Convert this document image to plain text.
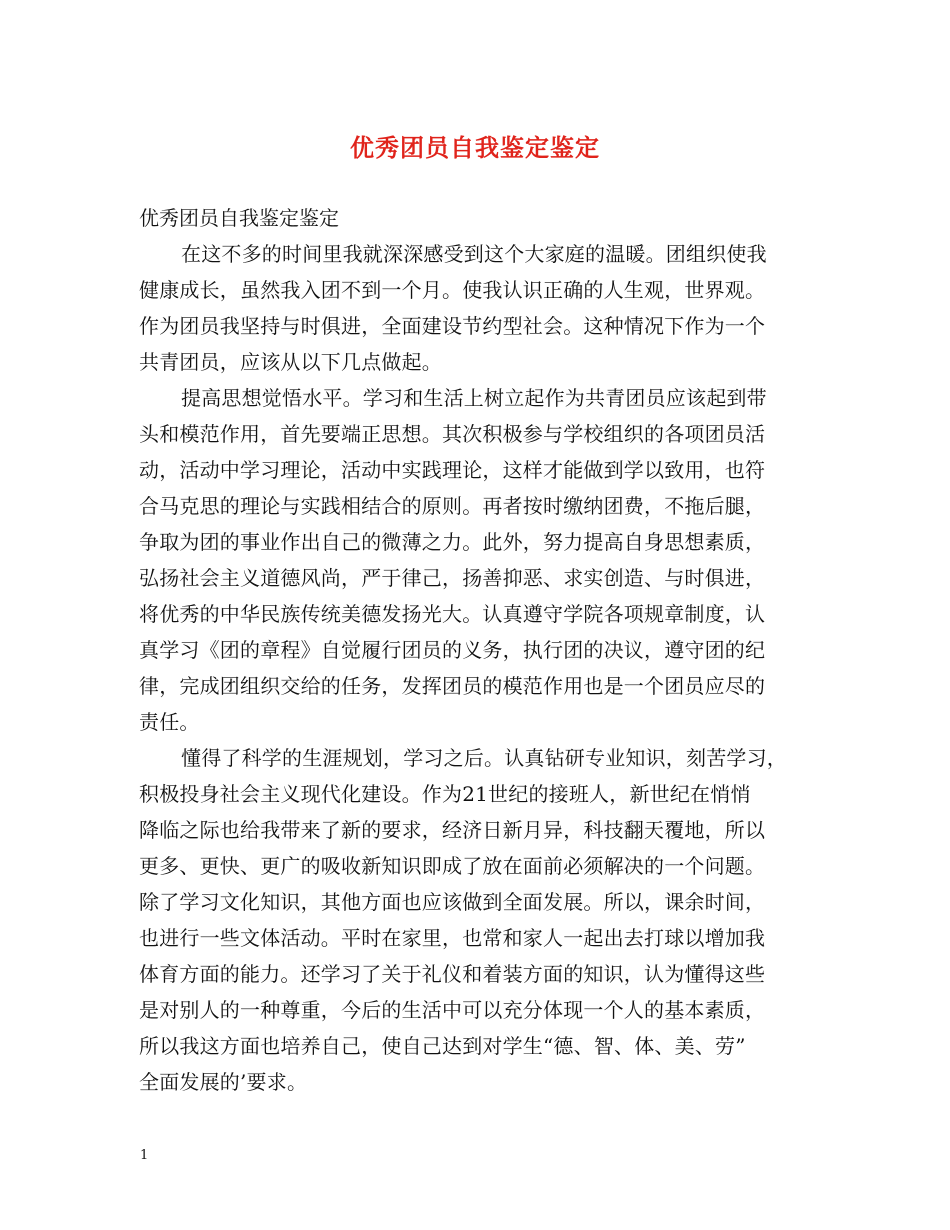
优秀团员自我鉴定鉴定

优秀团员自我鉴定鉴定

在这不多的时间里我就深深感受到这个大家庭的温暖。团组织使我
健康成长，虽然我入团不到一个月。使我认识正确的人生观，世界观。
作为团员我坚持与时俱进，全面建设节约型社会。这种情况下作为一个
共青团员，应该从以下几点做起。
提高思想觉悟水平。学习和生活上树立起作为共青团员应该起到带
头和模范作用，首先要端正思想。其次积极参与学校组织的各项团员活
动，活动中学习理论，活动中实践理论，这样才能做到学以致用，也符
合马克思的理论与实践相结合的原则。再者按时缴纳团费，不拖后腿，
争取为团的事业作出自己的微薄之力。此外，努力提高自身思想素质，
弘扬社会主义道德风尚，严于律己，扬善抑恶、求实创造、与时俱进，
将优秀的中华民族传统美德发扬光大。认真遵守学院各项规章制度，认
真学习《团的章程》自觉履行团员的义务，执行团的决议，遵守团的纪
律，完成团组织交给的任务，发挥团员的模范作用也是一个团员应尽的
责任。
懂得了科学的生涯规划，学习之后。认真钻研专业知识，刻苦学习，
积极投身社会主义现代化建设。作为21世纪的接班人，新世纪在悄悄
降临之际也给我带来了新的要求，经济日新月异，科技翻天覆地，所以
更多、更快、更广的吸收新知识即成了放在面前必须解决的一个问题。
除了学习文化知识，其他方面也应该做到全面发展。所以，课余时间，
也进行一些文体活动。平时在家里，也常和家人一起出去打球以增加我
体育方面的能力。还学习了关于礼仪和着装方面的知识，认为懂得这些
是对别人的一种尊重，今后的生活中可以充分体现一个人的基本素质，
所以我这方面也培养自己，使自己达到对学生“德、智、体、美、劳”
全面发展的’要求。
1
